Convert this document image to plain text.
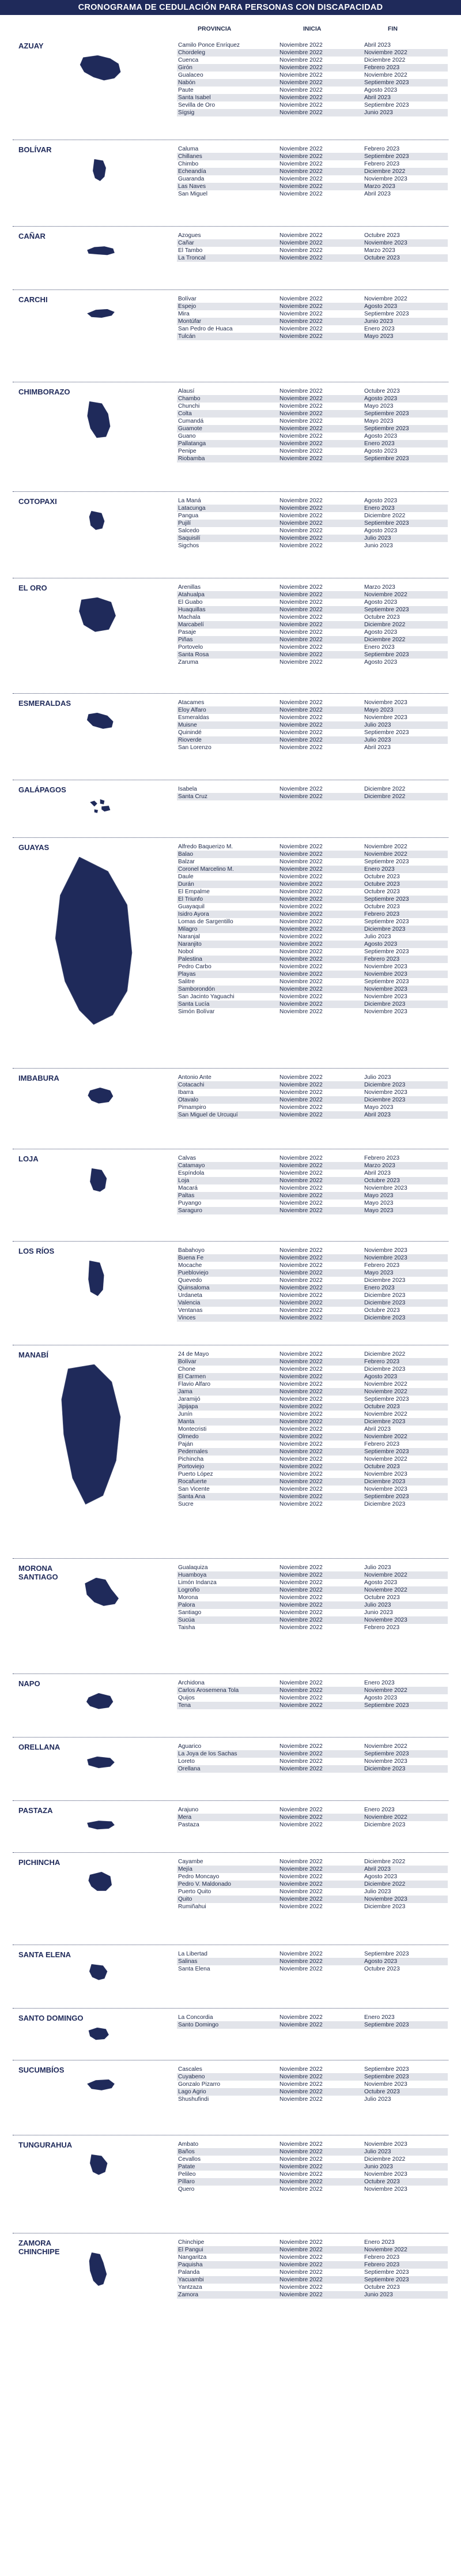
CRONOGRAMA DE CEDULACIÓN PARA PERSONAS CON DISCAPACIDAD
PROVINCIA	INICIA	FIN
AZUAY	Camilo Ponce Enríquez	Noviembre 2022	Abril 2023
Chordeleg	Noviembre 2022	Noviembre 2022
Cuenca	Noviembre 2022	Diciembre 2022
Girón	Noviembre 2022	Febrero 2023
Gualaceo	Noviembre 2022	Noviembre 2022
Nabón	Noviembre 2022	Septiembre 2023
Paute	Noviembre 2022	Agosto 2023
Santa Isabel	Noviembre 2022	Abril 2023
Sevilla de Oro	Noviembre 2022	Septiembre 2023
Sígsig	Noviembre 2022	Junio 2023
BOLÍVAR	Caluma	Noviembre 2022	Febrero 2023
Chillanes	Noviembre 2022	Septiembre 2023
Chimbo	Noviembre 2022	Febrero 2023
Echeandía	Noviembre 2022	Diciembre 2022
Guaranda	Noviembre 2022	Noviembre 2023
Las Naves	Noviembre 2022	Marzo 2023
San Miguel	Noviembre 2022	Abril 2023
CAÑAR	Azogues	Noviembre 2022	Octubre 2023
Cañar	Noviembre 2022	Noviembre 2023
El Tambo	Noviembre 2022	Marzo 2023
La Troncal	Noviembre 2022	Octubre 2023
CARCHI	Bolívar	Noviembre 2022	Noviembre 2022
Espejo	Noviembre 2022	Agosto 2023
Mira	Noviembre 2022	Septiembre 2023
Montúfar	Noviembre 2022	Junio 2023
San Pedro de Huaca	Noviembre 2022	Enero 2023
Tulcán	Noviembre 2022	Mayo 2023
CHIMBORAZO	Alausí	Noviembre 2022	Octubre 2023
Chambo	Noviembre 2022	Agosto 2023
Chunchi	Noviembre 2022	Mayo 2023
Colta	Noviembre 2022	Septiembre 2023
Cumandá	Noviembre 2022	Mayo 2023
Guamote	Noviembre 2022	Septiembre 2023
Guano	Noviembre 2022	Agosto 2023
Pallatanga	Noviembre 2022	Enero 2023
Penipe	Noviembre 2022	Agosto 2023
Riobamba	Noviembre 2022	Septiembre 2023
COTOPAXI	La Maná	Noviembre 2022	Agosto 2023
Latacunga	Noviembre 2022	Enero 2023
Pangua	Noviembre 2022	Diciembre 2022
Pujilí	Noviembre 2022	Septiembre 2023
Salcedo	Noviembre 2022	Agosto 2023
Saquisilí	Noviembre 2022	Julio 2023
Sigchos	Noviembre 2022	Junio 2023
EL ORO	Arenillas	Noviembre 2022	Marzo 2023
Atahualpa	Noviembre 2022	Noviembre 2022
El Guabo	Noviembre 2022	Agosto 2023
Huaquillas	Noviembre 2022	Septiembre 2023
Machala	Noviembre 2022	Octubre 2023
Marcabelí	Noviembre 2022	Diciembre 2022
Pasaje	Noviembre 2022	Agosto 2023
Piñas	Noviembre 2022	Diciembre 2022
Portovelo	Noviembre 2022	Enero 2023
Santa Rosa	Noviembre 2022	Septiembre 2023
Zaruma	Noviembre 2022	Agosto 2023
ESMERALDAS	Atacames	Noviembre 2022	Noviembre 2023
Eloy Alfaro	Noviembre 2022	Mayo 2023
Esmeraldas	Noviembre 2022	Noviembre 2023
Muisne	Noviembre 2022	Julio 2023
Quinindé	Noviembre 2022	Septiembre 2023
Rioverde	Noviembre 2022	Julio 2023
San Lorenzo	Noviembre 2022	Abril 2023
GALÁPAGOS	Isabela	Noviembre 2022	Diciembre 2022
Santa Cruz	Noviembre 2022	Diciembre 2022
GUAYAS	Alfredo Baquerizo M.	Noviembre 2022	Noviembre 2022
Balao	Noviembre 2022	Noviembre 2022
Balzar	Noviembre 2022	Septiembre 2023
Coronel Marcelino M.	Noviembre 2022	Enero 2023
Daule	Noviembre 2022	Octubre 2023
Durán	Noviembre 2022	Octubre 2023
El Empalme	Noviembre 2022	Octubre 2023
El Triunfo	Noviembre 2022	Septiembre 2023
Guayaquil	Noviembre 2022	Octubre 2023
Isidro Ayora	Noviembre 2022	Febrero 2023
Lomas de Sargentillo	Noviembre 2022	Septiembre 2023
Milagro	Noviembre 2022	Diciembre 2023
Naranjal	Noviembre 2022	Julio 2023
Naranjito	Noviembre 2022	Agosto 2023
Nobol	Noviembre 2022	Septiembre 2023
Palestina	Noviembre 2022	Febrero 2023
Pedro Carbo	Noviembre 2022	Noviembre 2023
Playas	Noviembre 2022	Noviembre 2023
Salitre	Noviembre 2022	Septiembre 2023
Samborondón	Noviembre 2022	Noviembre 2023
San Jacinto Yaguachi	Noviembre 2022	Noviembre 2023
Santa Lucía	Noviembre 2022	Diciembre 2023
Simón Bolívar	Noviembre 2022	Noviembre 2023
IMBABURA	Antonio Ante	Noviembre 2022	Julio 2023
Cotacachi	Noviembre 2022	Diciembre 2023
Ibarra	Noviembre 2022	Noviembre 2023
Otavalo	Noviembre 2022	Diciembre 2023
Pimampiro	Noviembre 2022	Mayo 2023
San Miguel de Urcuquí	Noviembre 2022	Abril 2023
LOJA	Calvas	Noviembre 2022	Febrero 2023
Catamayo	Noviembre 2022	Marzo 2023
Espíndola	Noviembre 2022	Abril 2023
Loja	Noviembre 2022	Octubre 2023
Macará	Noviembre 2022	Noviembre 2023
Paltas	Noviembre 2022	Mayo 2023
Puyango	Noviembre 2022	Mayo 2023
Saraguro	Noviembre 2022	Mayo 2023
LOS RÍOS	Babahoyo	Noviembre 2022	Noviembre 2023
Buena Fe	Noviembre 2022	Noviembre 2023
Mocache	Noviembre 2022	Febrero 2023
Puebloviejo	Noviembre 2022	Mayo 2023
Quevedo	Noviembre 2022	Diciembre 2023
Quinsaloma	Noviembre 2022	Enero 2023
Urdaneta	Noviembre 2022	Diciembre 2023
Valencia	Noviembre 2022	Diciembre 2023
Ventanas	Noviembre 2022	Octubre 2023
Vinces	Noviembre 2022	Diciembre 2023
MANABÍ	24 de Mayo	Noviembre 2022	Diciembre 2022
Bolívar	Noviembre 2022	Febrero 2023
Chone	Noviembre 2022	Diciembre 2023
El Carmen	Noviembre 2022	Agosto 2023
Flavio Alfaro	Noviembre 2022	Noviembre 2022
Jama	Noviembre 2022	Noviembre 2022
Jaramijó	Noviembre 2022	Septiembre 2023
Jipijapa	Noviembre 2022	Octubre 2023
Junín	Noviembre 2022	Noviembre 2022
Manta	Noviembre 2022	Diciembre 2023
Montecristi	Noviembre 2022	Abril 2023
Olmedo	Noviembre 2022	Noviembre 2022
Paján	Noviembre 2022	Febrero 2023
Pedernales	Noviembre 2022	Septiembre 2023
Pichincha	Noviembre 2022	Noviembre 2022
Portoviejo	Noviembre 2022	Octubre 2023
Puerto López	Noviembre 2022	Noviembre 2023
Rocafuerte	Noviembre 2022	Diciembre 2023
San Vicente	Noviembre 2022	Noviembre 2023
Santa Ana	Noviembre 2022	Septiembre 2023
Sucre	Noviembre 2022	Diciembre 2023
MORONA SANTIAGO
Gualaquiza	Noviembre 2022	Julio 2023
Huamboya	Noviembre 2022	Noviembre 2022
Limón Indanza	Noviembre 2022	Agosto 2023
Logroño	Noviembre 2022	Noviembre 2022
Morona	Noviembre 2022	Octubre 2023
Palora	Noviembre 2022	Julio 2023
Santiago	Noviembre 2022	Junio 2023
Sucúa	Noviembre 2022	Noviembre 2023
Taisha	Noviembre 2022	Febrero 2023
NAPO	Archidona	Noviembre 2022	Enero 2023
Carlos Arosemena Tola	Noviembre 2022	Noviembre 2022
Quijos	Noviembre 2022	Agosto 2023
Tena	Noviembre 2022	Septiembre 2023
ORELLANA	Aguarico	Noviembre 2022	Noviembre 2022
La Joya de los Sachas	Noviembre 2022	Septiembre 2023
Loreto	Noviembre 2022	Noviembre 2023
Orellana	Noviembre 2022	Diciembre 2023
PASTAZA	Arajuno	Noviembre 2022	Enero 2023
Mera	Noviembre 2022	Noviembre 2022
Pastaza	Noviembre 2022	Diciembre 2023
PICHINCHA	Cayambe	Noviembre 2022	Diciembre 2022
Mejía	Noviembre 2022	Abril 2023
Pedro Moncayo	Noviembre 2022	Agosto 2023
Pedro V. Maldonado	Noviembre 2022	Diciembre 2022
Puerto Quito	Noviembre 2022	Julio 2023
Quito	Noviembre 2022	Noviembre 2023
Rumiñahui	Noviembre 2022	Diciembre 2023
SANTA ELENA	La Libertad	Noviembre 2022	Septiembre 2023
Salinas	Noviembre 2022	Agosto 2023
Santa Elena	Noviembre 2022	Octubre 2023
SANTO DOMINGO	La Concordia	Noviembre 2022	Enero 2023
Santo Domingo	Noviembre 2022	Septiembre 2023
SUCUMBÍOS	Cascales	Noviembre 2022	Septiembre 2023
Cuyabeno	Noviembre 2022	Septiembre 2023
Gonzalo Pizarro	Noviembre 2022	Noviembre 2023
Lago Agrio	Noviembre 2022	Octubre 2023
Shushufindi	Noviembre 2022	Julio 2023
TUNGURAHUA	Ambato	Noviembre 2022	Noviembre 2023
Baños	Noviembre 2022	Julio 2023
Cevallos	Noviembre 2022	Diciembre 2022
Patate	Noviembre 2022	Junio 2023
Pelileo	Noviembre 2022	Noviembre 2023
Píllaro	Noviembre 2022	Octubre 2023
Quero	Noviembre 2022	Noviembre 2023
ZAMORA CHINCHIPE
Chinchipe	Noviembre 2022	Enero 2023
El Pangui	Noviembre 2022	Noviembre 2022
Nangaritza	Noviembre 2022	Febrero 2023
Paquisha	Noviembre 2022	Febrero 2023
Palanda	Noviembre 2022	Septiembre 2023
Yacuambi	Noviembre 2022	Septiembre 2023
Yantzaza	Noviembre 2022	Octubre 2023
Zamora	Noviembre 2022	Junio 2023
